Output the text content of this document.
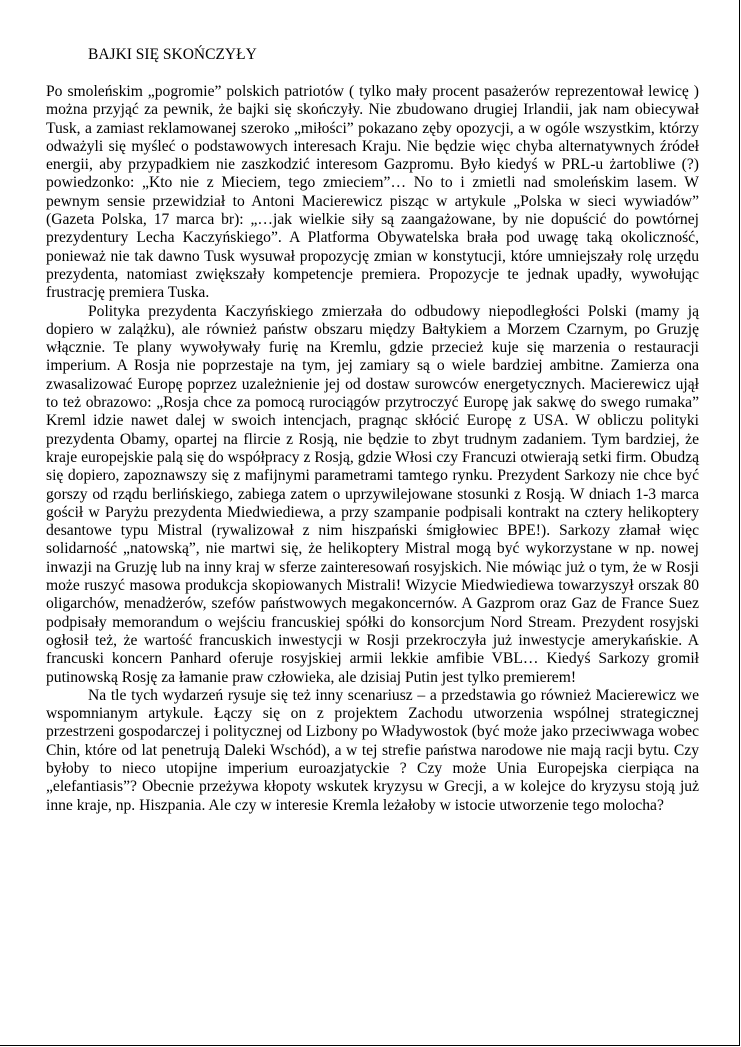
BAJKI SIĘ SKOŃCZYŁY

Po smoleńskim „pogromie” polskich patriotów ( tylko mały procent pasażerów reprezentował lewicę ) można przyjąć za pewnik, że bajki się skończyły. Nie zbudowano drugiej Irlandii, jak nam obiecywał Tusk, a zamiast reklamowanej szeroko „miłości” pokazano zęby opozycji, a w ogóle wszystkim, którzy odważyli się myśleć o podstawowych interesach Kraju. Nie będzie więc chyba alternatywnych źródeł energii, aby przypadkiem nie zaszkodzić interesom Gazpromu. Było kiedyś w PRL-u żartobliwe (?) powiedzonko: „Kto nie z Mieciem, tego zmieciem”… No to i zmietli nad smoleńskim lasem. W pewnym sensie przewidział to Antoni Macierewicz pisząc w artykule „Polska w sieci wywiadów” (Gazeta Polska, 17 marca br): „…jak wielkie siły są zaangażowane, by nie dopuścić do powtórnej prezydentury Lecha Kaczyńskiego”. A Platforma Obywatelska brała pod uwagę taką okoliczność, ponieważ nie tak dawno Tusk wysuwał propozycję zmian w konstytucji, które umniejszały rolę urzędu prezydenta, natomiast zwiększały kompetencje premiera. Propozycje te jednak upadły, wywołując frustrację premiera Tuska.

Polityka prezydenta Kaczyńskiego zmierzała do odbudowy niepodległości Polski (mamy ją dopiero w zalążku), ale również państw obszaru między Bałtykiem a Morzem Czarnym, po Gruzję włącznie. Te plany wywoływały furię na Kremlu, gdzie przecież kuje się marzenia o restauracji imperium. A Rosja nie poprzestaje na tym, jej zamiary są o wiele bardziej ambitne. Zamierza ona zwasalizować Europę poprzez uzależnienie jej od dostaw surowców energetycznych. Macierewicz ujął to też obrazowo: „Rosja chce za pomocą rurociągów przytroczyć Europę jak sakwę do swego rumaka” Kreml idzie nawet dalej w swoich intencjach, pragnąc skłócić Europę z USA. W obliczu polityki prezydenta Obamy, opartej na flircie z Rosją, nie będzie to zbyt trudnym zadaniem. Tym bardziej, że kraje europejskie palą się do współpracy z Rosją, gdzie Włosi czy Francuzi otwierają setki firm. Obudzą się dopiero, zapoznawszy się z mafijnymi parametrami tamtego rynku. Prezydent Sarkozy nie chce być gorszy od rządu berlińskiego, zabiega zatem o uprzywilejowane stosunki z Rosją. W dniach 1-3 marca gościł w Paryżu prezydenta Miedwiediewa, a przy szampanie podpisali kontrakt na cztery helikoptery desantowe typu Mistral (rywalizował z nim hiszpański śmigłowiec BPE!). Sarkozy złamał więc solidarność „natowską”, nie martwi się, że helikoptery Mistral mogą być wykorzystane w np. nowej inwazji na Gruzję lub na inny kraj w sferze zainteresowań rosyjskich. Nie mówiąc już o tym, że w Rosji może ruszyć masowa produkcja skopiowanych Mistrali! Wizycie Miedwiediewa towarzyszył orszak 80 oligarchów, menadżerów, szefów państwowych megakoncernów. A Gazprom oraz Gaz de France Suez podpisały memorandum o wejściu francuskiej spółki do konsorcjum Nord Stream. Prezydent rosyjski ogłosił też, że wartość francuskich inwestycji w Rosji przekroczyła już inwestycje amerykańskie. A francuski koncern Panhard oferuje rosyjskiej armii lekkie amfibie VBL… Kiedyś Sarkozy gromił putinowską Rosję za łamanie praw człowieka, ale dzisiaj Putin jest tylko premierem!

Na tle tych wydarzeń rysuje się też inny scenariusz – a przedstawia go również Macierewicz we wspomnianym artykule. Łączy się on z projektem Zachodu utworzenia wspólnej strategicznej przestrzeni gospodarczej i politycznej od Lizbony po Władywostok (być może jako przeciwwaga wobec Chin, które od lat penetrują Daleki Wschód), a w tej strefie państwa narodowe nie mają racji bytu. Czy byłoby to nieco utopijne imperium euroazjatyckie ? Czy może Unia Europejska cierpiąca na „elefantiasis”? Obecnie przeżywa kłopoty wskutek kryzysu w Grecji, a w kolejce do kryzysu stoją już inne kraje, np. Hiszpania. Ale czy w interesie Kremla leżałoby w istocie utworzenie tego molocha?
